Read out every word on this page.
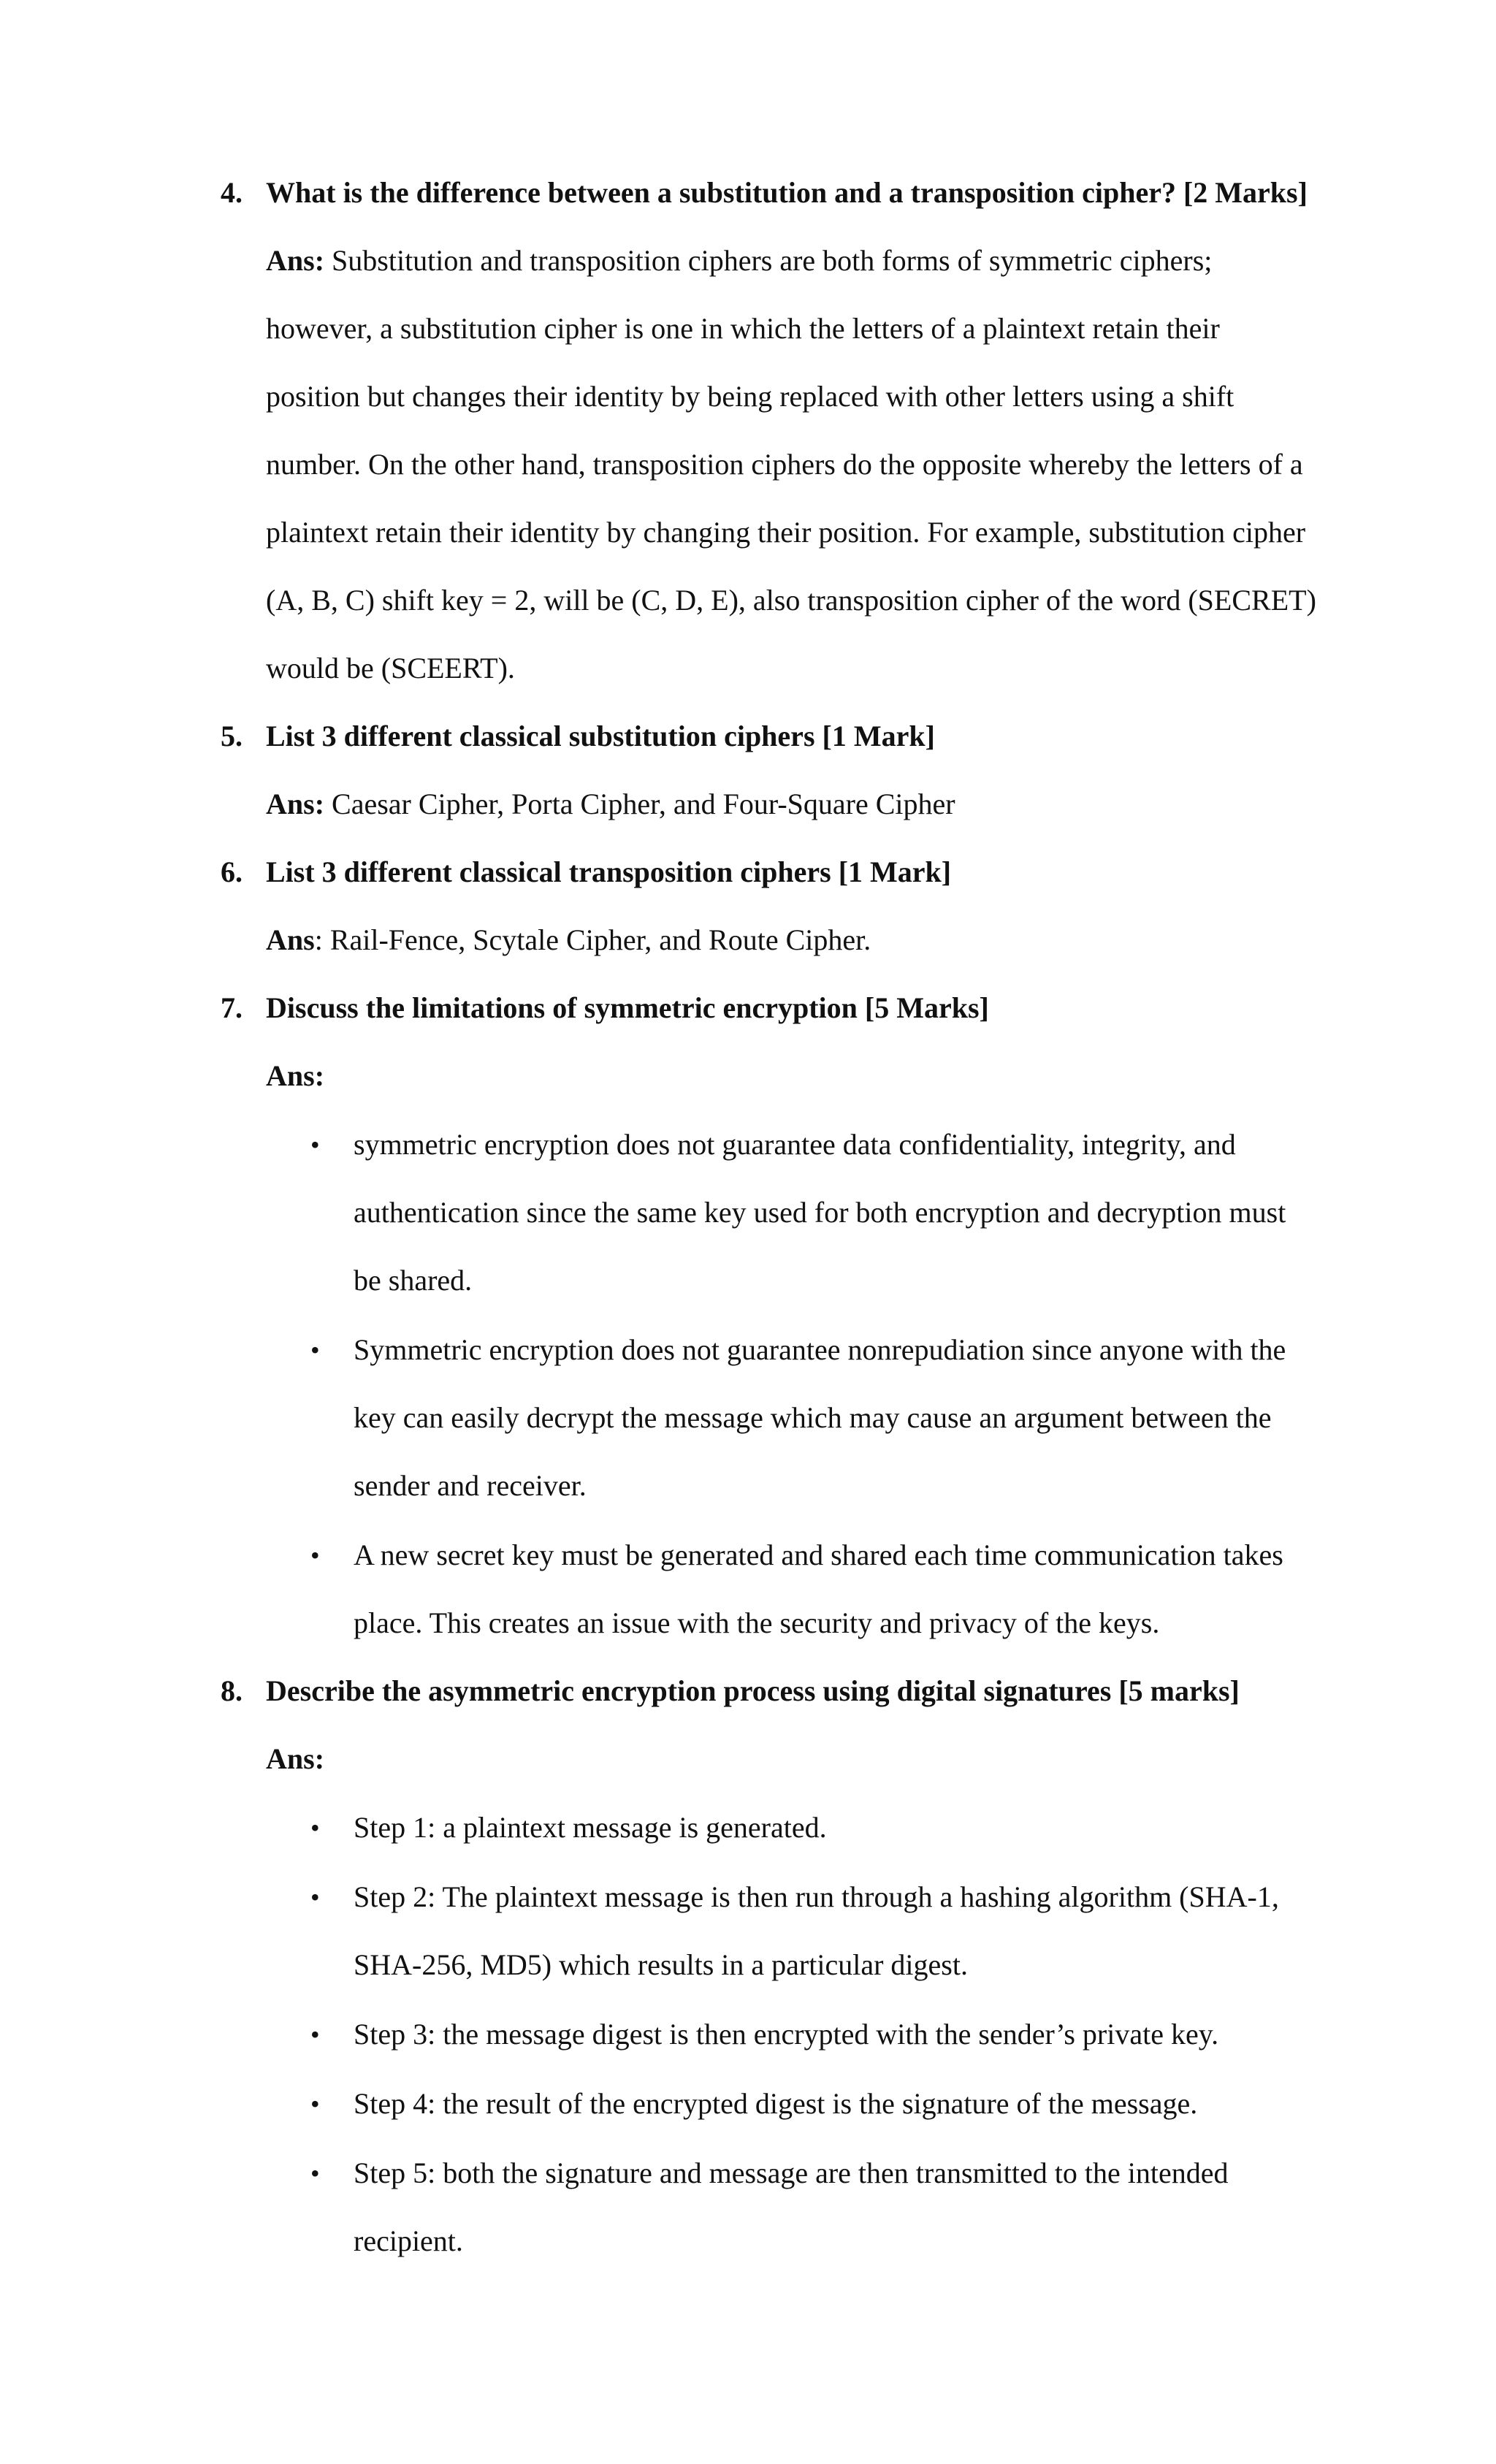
4. What is the difference between a substitution and a transposition cipher? [2 Marks]
Ans: Substitution and transposition ciphers are both forms of symmetric ciphers;
however, a substitution cipher is one in which the letters of a plaintext retain their
position but changes their identity by being replaced with other letters using a shift
number. On the other hand, transposition ciphers do the opposite whereby the letters of a
plaintext retain their identity by changing their position. For example, substitution cipher
(A, B, C) shift key = 2, will be (C, D, E), also transposition cipher of the word (SECRET)
would be (SCEERT).
5. List 3 different classical substitution ciphers [1 Mark]
Ans: Caesar Cipher, Porta Cipher, and Four-Square Cipher
6. List 3 different classical transposition ciphers [1 Mark]
Ans: Rail-Fence, Scytale Cipher, and Route Cipher.
7. Discuss the limitations of symmetric encryption [5 Marks]
Ans:
• symmetric encryption does not guarantee data confidentiality, integrity, and
authentication since the same key used for both encryption and decryption must
be shared.
• Symmetric encryption does not guarantee nonrepudiation since anyone with the
key can easily decrypt the message which may cause an argument between the
sender and receiver.
• A new secret key must be generated and shared each time communication takes
place. This creates an issue with the security and privacy of the keys.
8. Describe the asymmetric encryption process using digital signatures [5 marks]
Ans:
• Step 1: a plaintext message is generated.
• Step 2: The plaintext message is then run through a hashing algorithm (SHA-1,
SHA-256, MD5) which results in a particular digest.
• Step 3: the message digest is then encrypted with the sender’s private key.
• Step 4: the result of the encrypted digest is the signature of the message.
• Step 5: both the signature and message are then transmitted to the intended
recipient.
